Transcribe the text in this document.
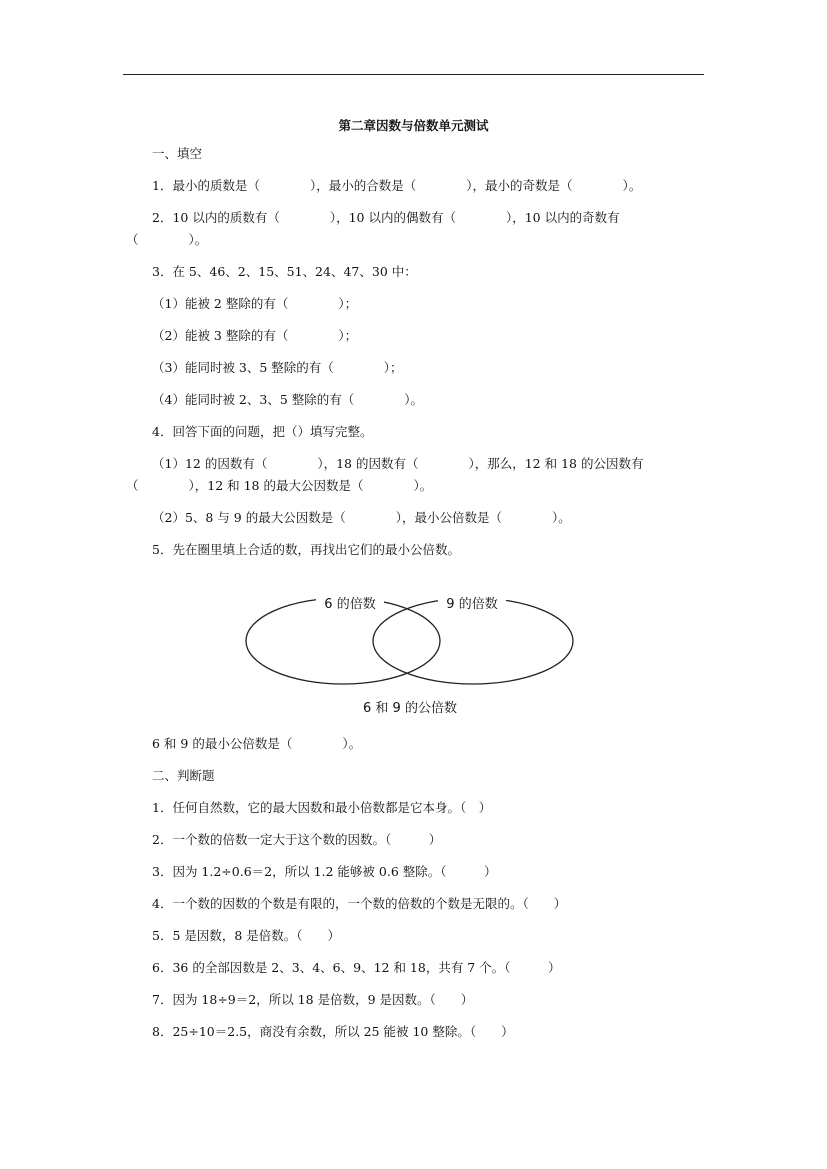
第二章因数与倍数单元测试
一、填空
1．最小的质数是（　　　　），最小的合数是（　　　　），最小的奇数是（　　　　）。
2．10 以内的质数有（　　　　），10 以内的偶数有（　　　　），10 以内的奇数有
（　　　　）。
3．在 5、46、2、15、51、24、47、30 中：
（1）能被 2 整除的有（　　　　）；
（2）能被 3 整除的有（　　　　）；
（3）能同时被 3、5 整除的有（　　　　）；
（4）能同时被 2、3、5 整除的有（　　　　）。
4．回答下面的问题，把（）填写完整。
（1）12 的因数有（　　　　），18 的因数有（　　　　），那么，12 和 18 的公因数有
（　　　　），12 和 18 的最大公因数是（　　　　）。
（2）5、8 与 9 的最大公因数是（　　　　），最小公倍数是（　　　　）。
5．先在圈里填上合适的数，再找出它们的最小公倍数。
6 的倍数	9 的倍数
6 和 9 的公倍数
6 和 9 的最小公倍数是（　　　　）。
二、判断题
1．任何自然数，它的最大因数和最小倍数都是它本身。（　）
2．一个数的倍数一定大于这个数的因数。（　　　）
3．因为 1.2÷0.6＝2，所以 1.2 能够被 0.6 整除。（　　　）
4．一个数的因数的个数是有限的，一个数的倍数的个数是无限的。（　　）
5．5 是因数，8 是倍数。（　　）
6．36 的全部因数是 2、3、4、6、9、12 和 18，共有 7 个。（　　　）
7．因为 18÷9＝2，所以 18 是倍数，9 是因数。（　　）
8．25÷10＝2.5，商没有余数，所以 25 能被 10 整除。（　　）
